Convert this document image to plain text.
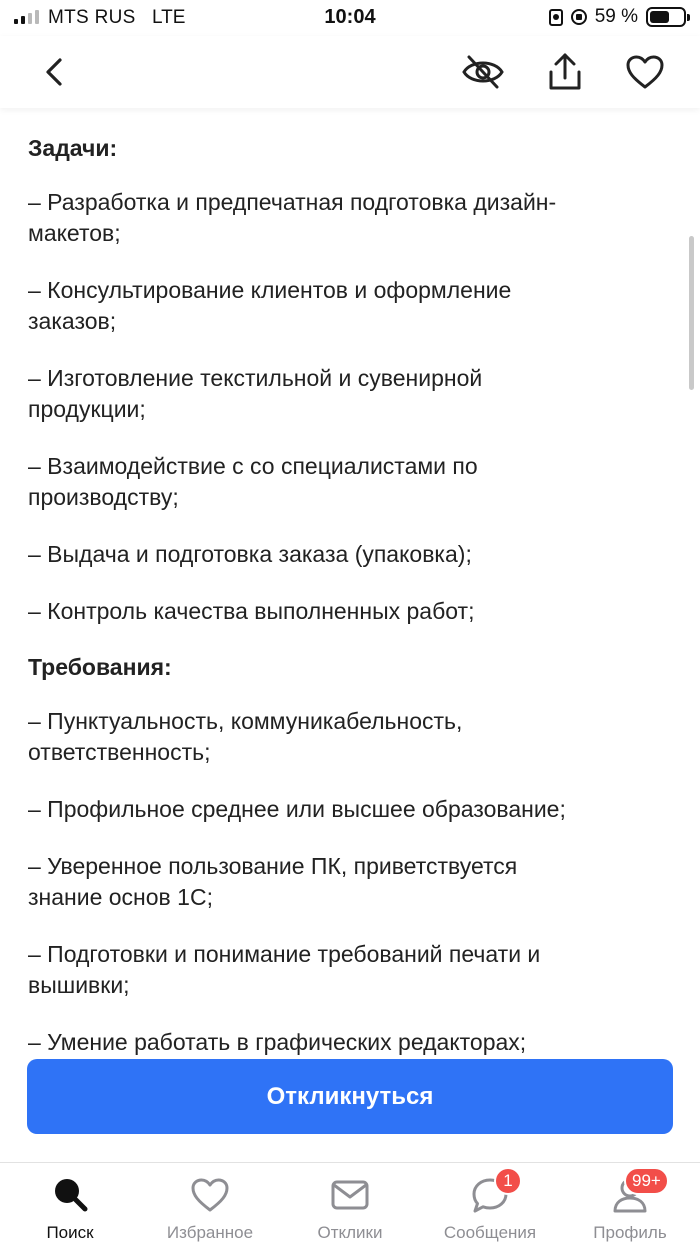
MTS RUS LTE	10:04	59 %
Задачи:
– Разработка и предпечатная подготовка дизайн-
макетов;
– Консультирование клиентов и оформление
заказов;
– Изготовление текстильной и сувенирной
продукции;
– Взаимодействие с со специалистами по
производству;
– Выдача и подготовка заказа (упаковка);
– Контроль качества выполненных работ;
Требования:
– Пунктуальность, коммуникабельность,
ответственность;
– Профильное среднее или высшее образование;
– Уверенное пользование ПК, приветствуется
знание основ 1С;
– Подготовки и понимание требований печати и
вышивки;
– Умение работать в графических редакторах;
Откликнуться
Поиск	Избранное	Отклики
1
Сообщения
99+
Профиль
